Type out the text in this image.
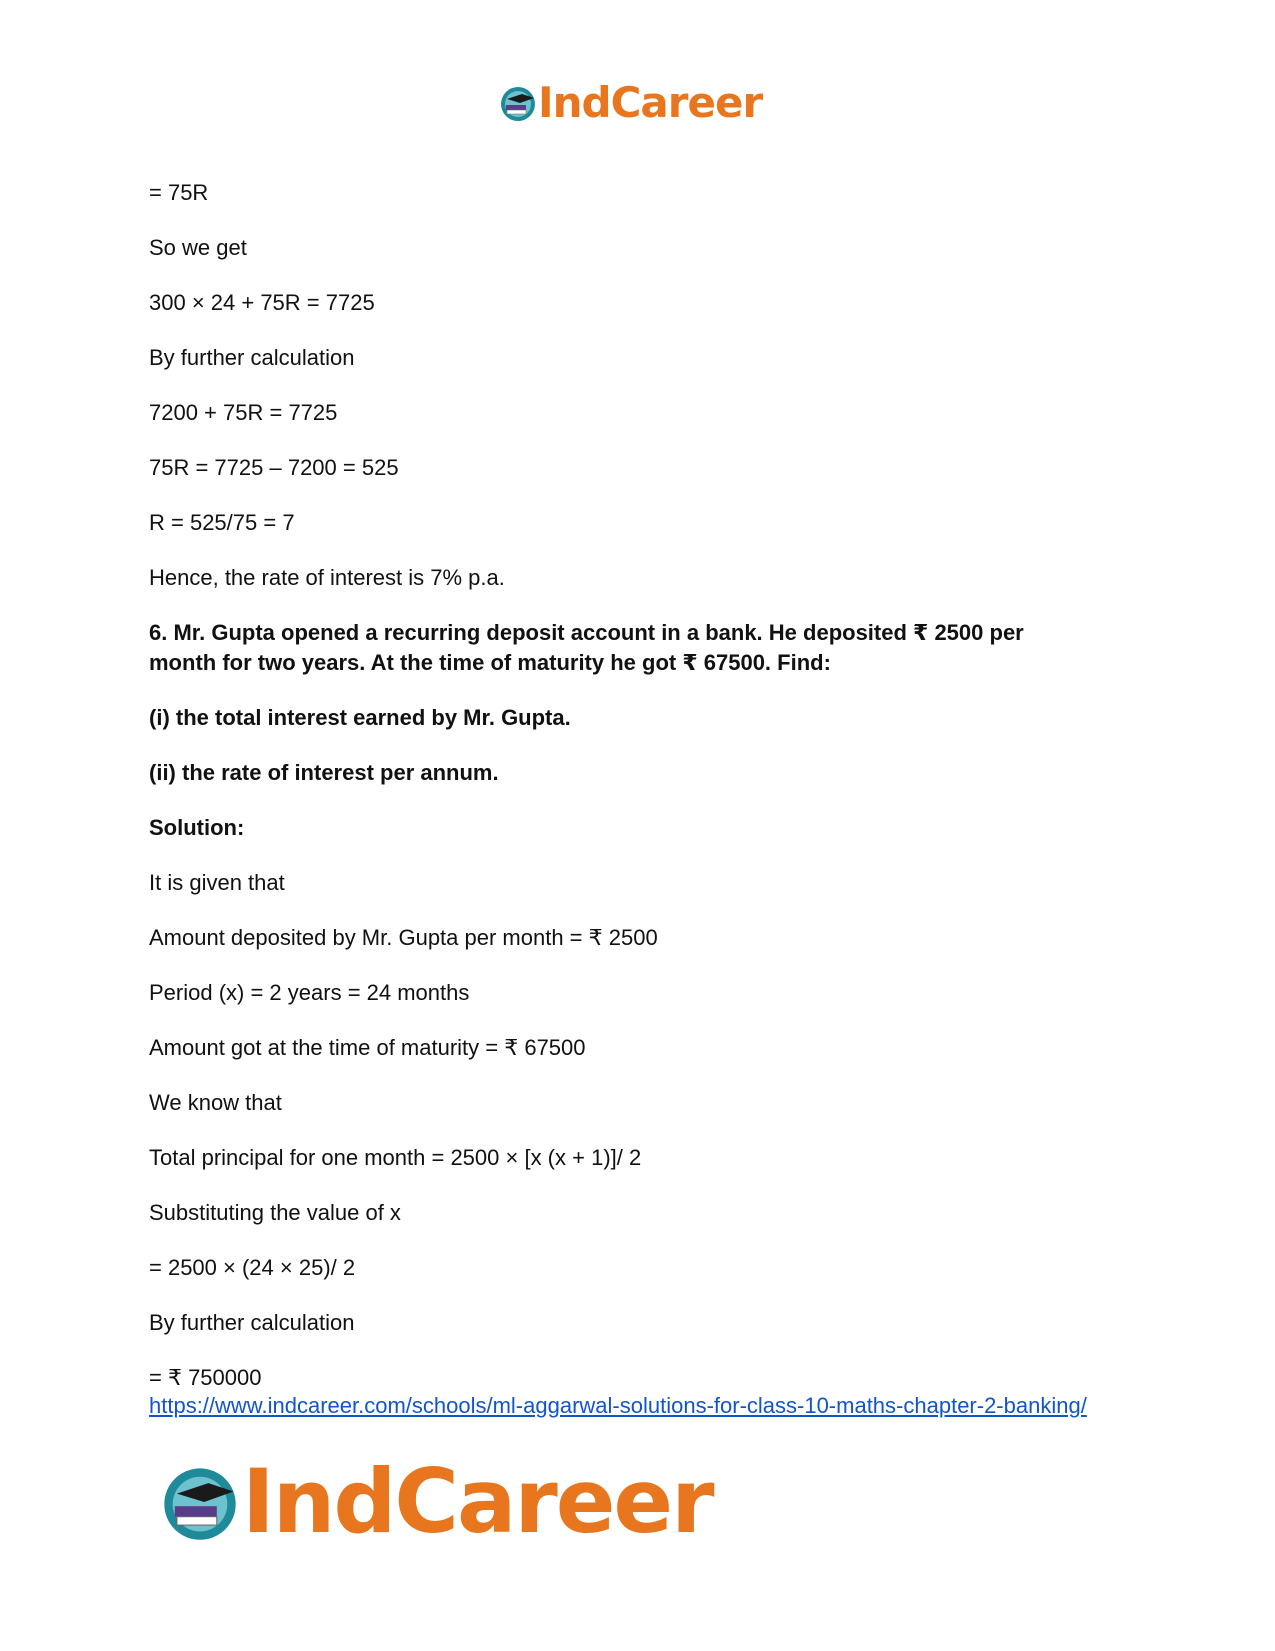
IndCareer

= 75R

So we get

300 × 24 + 75R = 7725

By further calculation

7200 + 75R = 7725

75R = 7725 – 7200 = 525

R = 525/75 = 7

Hence, the rate of interest is 7% p.a.

6. Mr. Gupta opened a recurring deposit account in a bank. He deposited ₹ 2500 per month for two years. At the time of maturity he got ₹ 67500. Find:

(i) the total interest earned by Mr. Gupta.

(ii) the rate of interest per annum.

Solution:

It is given that

Amount deposited by Mr. Gupta per month = ₹ 2500

Period (x) = 2 years = 24 months

Amount got at the time of maturity = ₹ 67500

We know that

Total principal for one month = 2500 × [x (x + 1)]/ 2

Substituting the value of x

= 2500 × (24 × 25)/ 2

By further calculation

= ₹ 750000

https://www.indcareer.com/schools/ml-aggarwal-solutions-for-class-10-maths-chapter-2-banking/
IndCareer
